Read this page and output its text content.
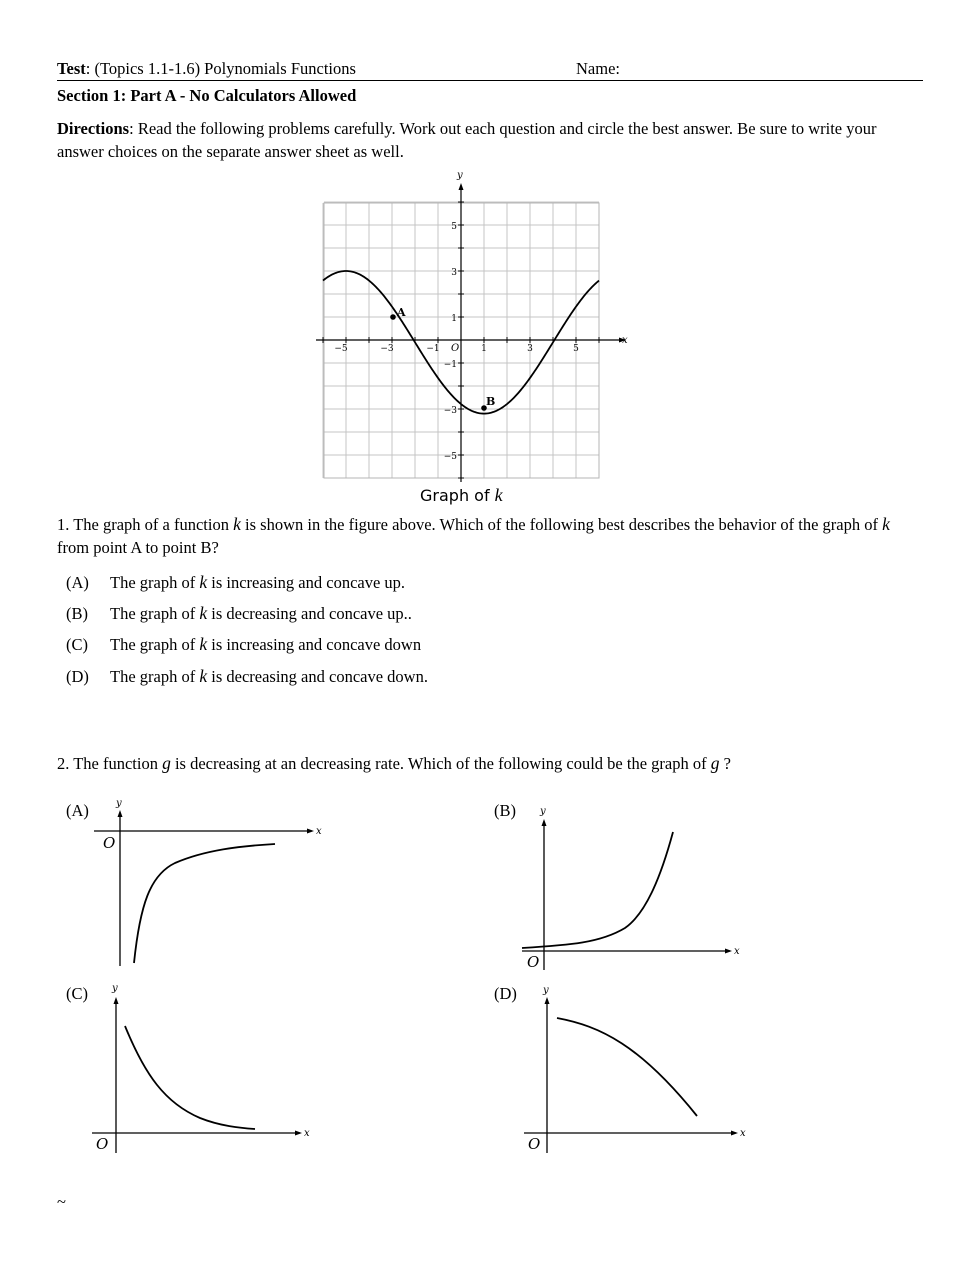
Test: (Topics 1.1-1.6) Polynomials Functions	Name:
Section 1: Part A - No Calculators Allowed
Directions: Read the following problems carefully. Work out each question and circle the best answer. Be sure to write your answer choices on the separate answer sheet as well.
A
B
x
y
O
−5	−3	−1	1	3	5
5
3
1
−1
−3
−5
Graph of k
1. The graph of a function k is shown in the figure above. Which of the following best describes the behavior of the graph of k from point A to point B?
(A) The graph of k is increasing and concave up.
(B) The graph of k is decreasing and concave up..
(C) The graph of k is increasing and concave down
(D) The graph of k is decreasing and concave down.
2. The function g is decreasing at an decreasing rate. Which of the following could be the graph of g ?
(A)	(B)
(C)	(D)
x
y
O
x
y
O
x
y
O
x
y
O
~
